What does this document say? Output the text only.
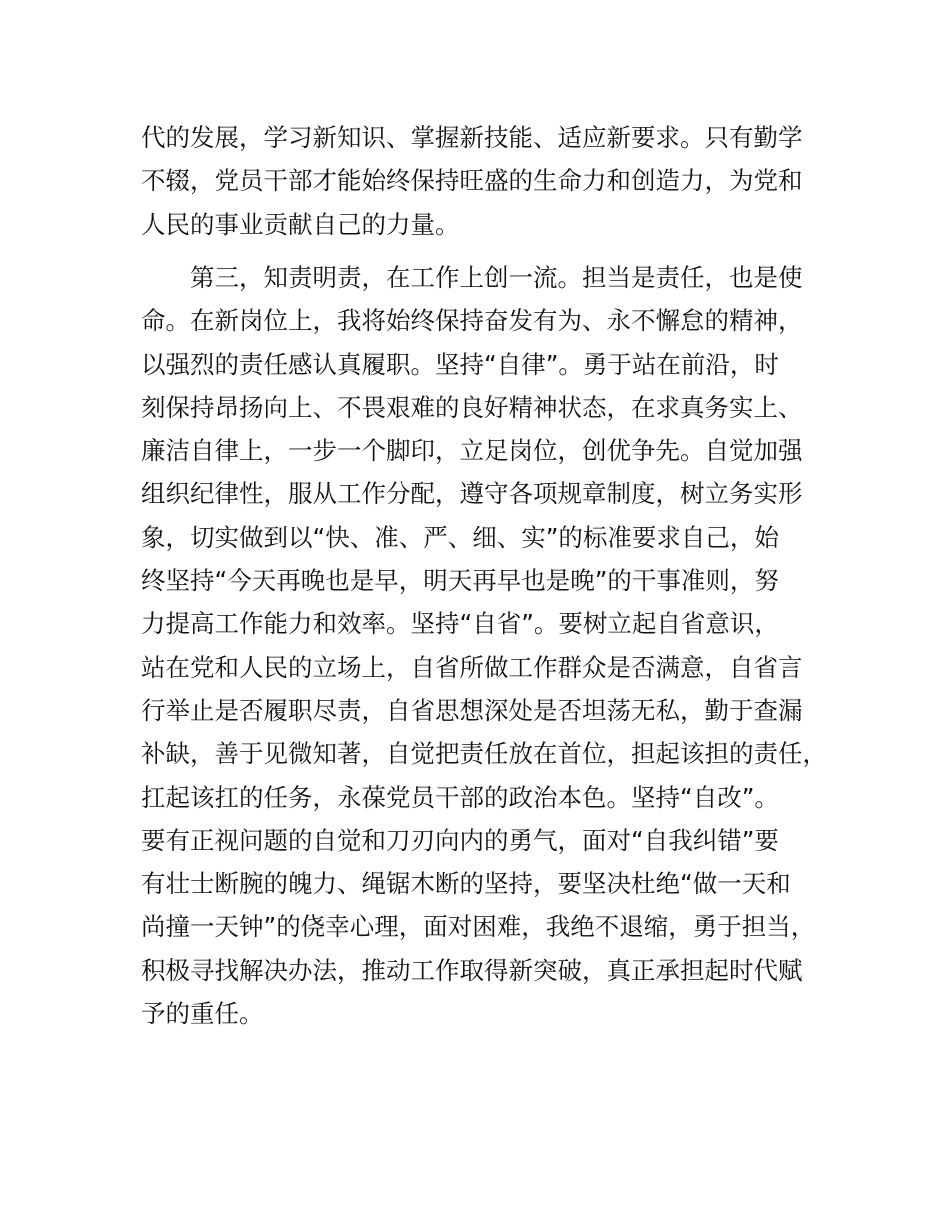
代的发展，学习新知识、掌握新技能、适应新要求。只有勤学
不辍，党员干部才能始终保持旺盛的生命力和创造力，为党和
人民的事业贡献自己的力量。
第三，知责明责，在工作上创一流。担当是责任，也是使
命。在新岗位上，我将始终保持奋发有为、永不懈怠的精神，
以强烈的责任感认真履职。坚持“自律”。勇于站在前沿，时
刻保持昂扬向上、不畏艰难的良好精神状态，在求真务实上、
廉洁自律上，一步一个脚印，立足岗位，创优争先。自觉加强
组织纪律性，服从工作分配，遵守各项规章制度，树立务实形
象，切实做到以“快、准、严、细、实”的标准要求自己，始
终坚持“今天再晚也是早，明天再早也是晚”的干事准则，努
力提高工作能力和效率。坚持“自省”。要树立起自省意识，
站在党和人民的立场上，自省所做工作群众是否满意，自省言
行举止是否履职尽责，自省思想深处是否坦荡无私，勤于查漏
补缺，善于见微知著，自觉把责任放在首位，担起该担的责任，
扛起该扛的任务，永葆党员干部的政治本色。坚持“自改”。
要有正视问题的自觉和刀刃向内的勇气，面对“自我纠错”要
有壮士断腕的魄力、绳锯木断的坚持，要坚决杜绝“做一天和
尚撞一天钟”的侥幸心理，面对困难，我绝不退缩，勇于担当，
积极寻找解决办法，推动工作取得新突破，真正承担起时代赋
予的重任。
